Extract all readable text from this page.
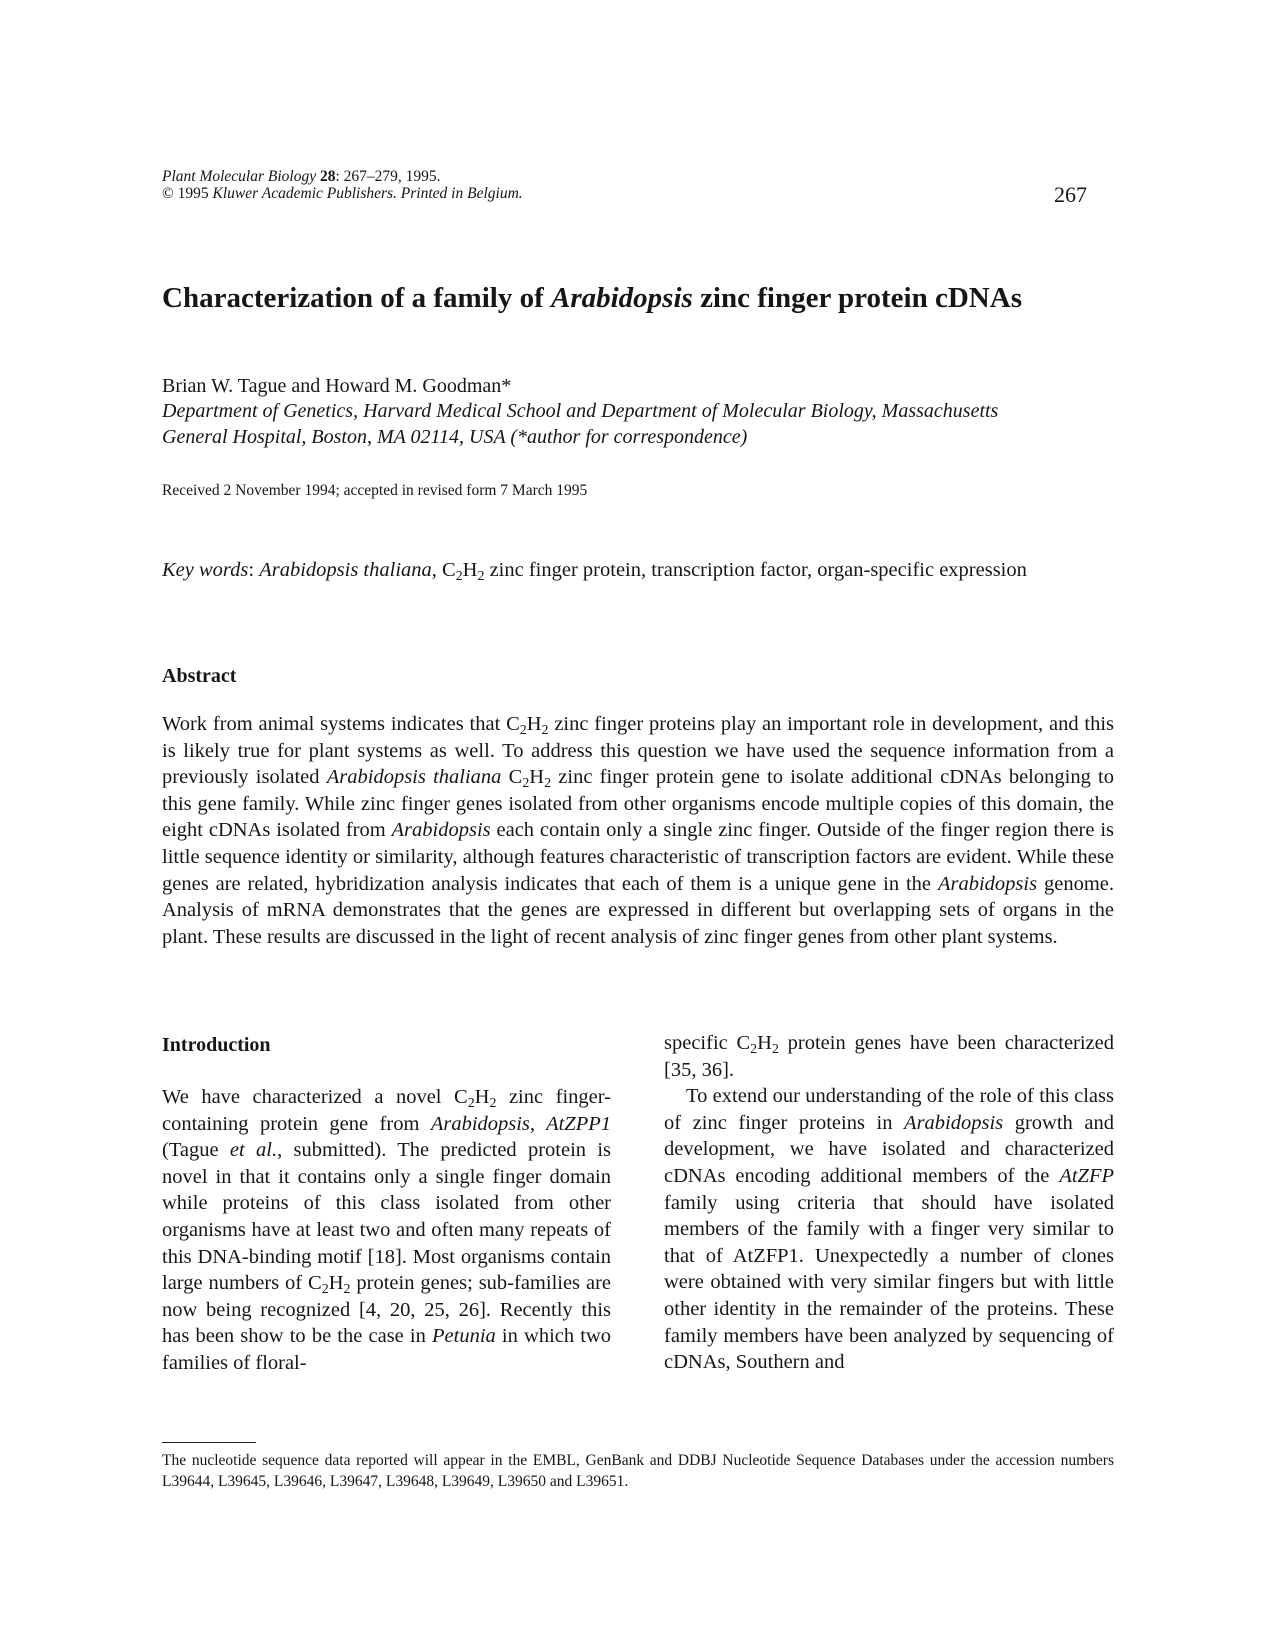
Plant Molecular Biology 28: 267–279, 1995.
© 1995 Kluwer Academic Publishers. Printed in Belgium.	267
Characterization of a family of Arabidopsis zinc finger protein cDNAs
Brian W. Tague and Howard M. Goodman*
Department of Genetics, Harvard Medical School and Department of Molecular Biology, Massachusetts
General Hospital, Boston, MA 02114, USA (*author for correspondence)
Received 2 November 1994; accepted in revised form 7 March 1995
Key words: Arabidopsis thaliana, $C_2H_2$ zinc finger protein, transcription factor, organ-specific expression
Abstract
Work from animal systems indicates that $C_2H_2$ zinc finger proteins play an important role in development, and this is likely true for plant systems as well. To address this question we have used the sequence information from a previously isolated Arabidopsis thaliana $C_2H_2$ zinc finger protein gene to isolate additional cDNAs belonging to this gene family. While zinc finger genes isolated from other organisms encode multiple copies of this domain, the eight cDNAs isolated from Arabidopsis each contain only a single zinc finger. Outside of the finger region there is little sequence identity or similarity, although features characteristic of transcription factors are evident. While these genes are related, hybridization analysis indicates that each of them is a unique gene in the Arabidopsis genome. Analysis of mRNA demonstrates that the genes are expressed in different but overlapping sets of organs in the plant. These results are discussed in the light of recent analysis of zinc finger genes from other plant systems.
Introduction

We have characterized a novel $C_2H_2$ zinc finger-containing protein gene from Arabidopsis, AtZPP1 (Tague et al., submitted). The predicted protein is novel in that it contains only a single finger domain while proteins of this class isolated from other organisms have at least two and often many repeats of this DNA-binding motif [18]. Most organisms contain large numbers of $C_2H_2$ protein genes; sub-families are now being recognized [4, 20, 25, 26]. Recently this has been show to be the case in Petunia in which two families of floral-

specific $C_2H_2$ protein genes have been characterized [35, 36].

To extend our understanding of the role of this class of zinc finger proteins in Arabidopsis growth and development, we have isolated and characterized cDNAs encoding additional members of the AtZFP family using criteria that should have isolated members of the family with a finger very similar to that of AtZFP1. Unexpectedly a number of clones were obtained with very similar fingers but with little other identity in the remainder of the proteins. These family members have been analyzed by sequencing of cDNAs, Southern and

The nucleotide sequence data reported will appear in the EMBL, GenBank and DDBJ Nucleotide Sequence Databases under the accession numbers L39644, L39645, L39646, L39647, L39648, L39649, L39650 and L39651.
